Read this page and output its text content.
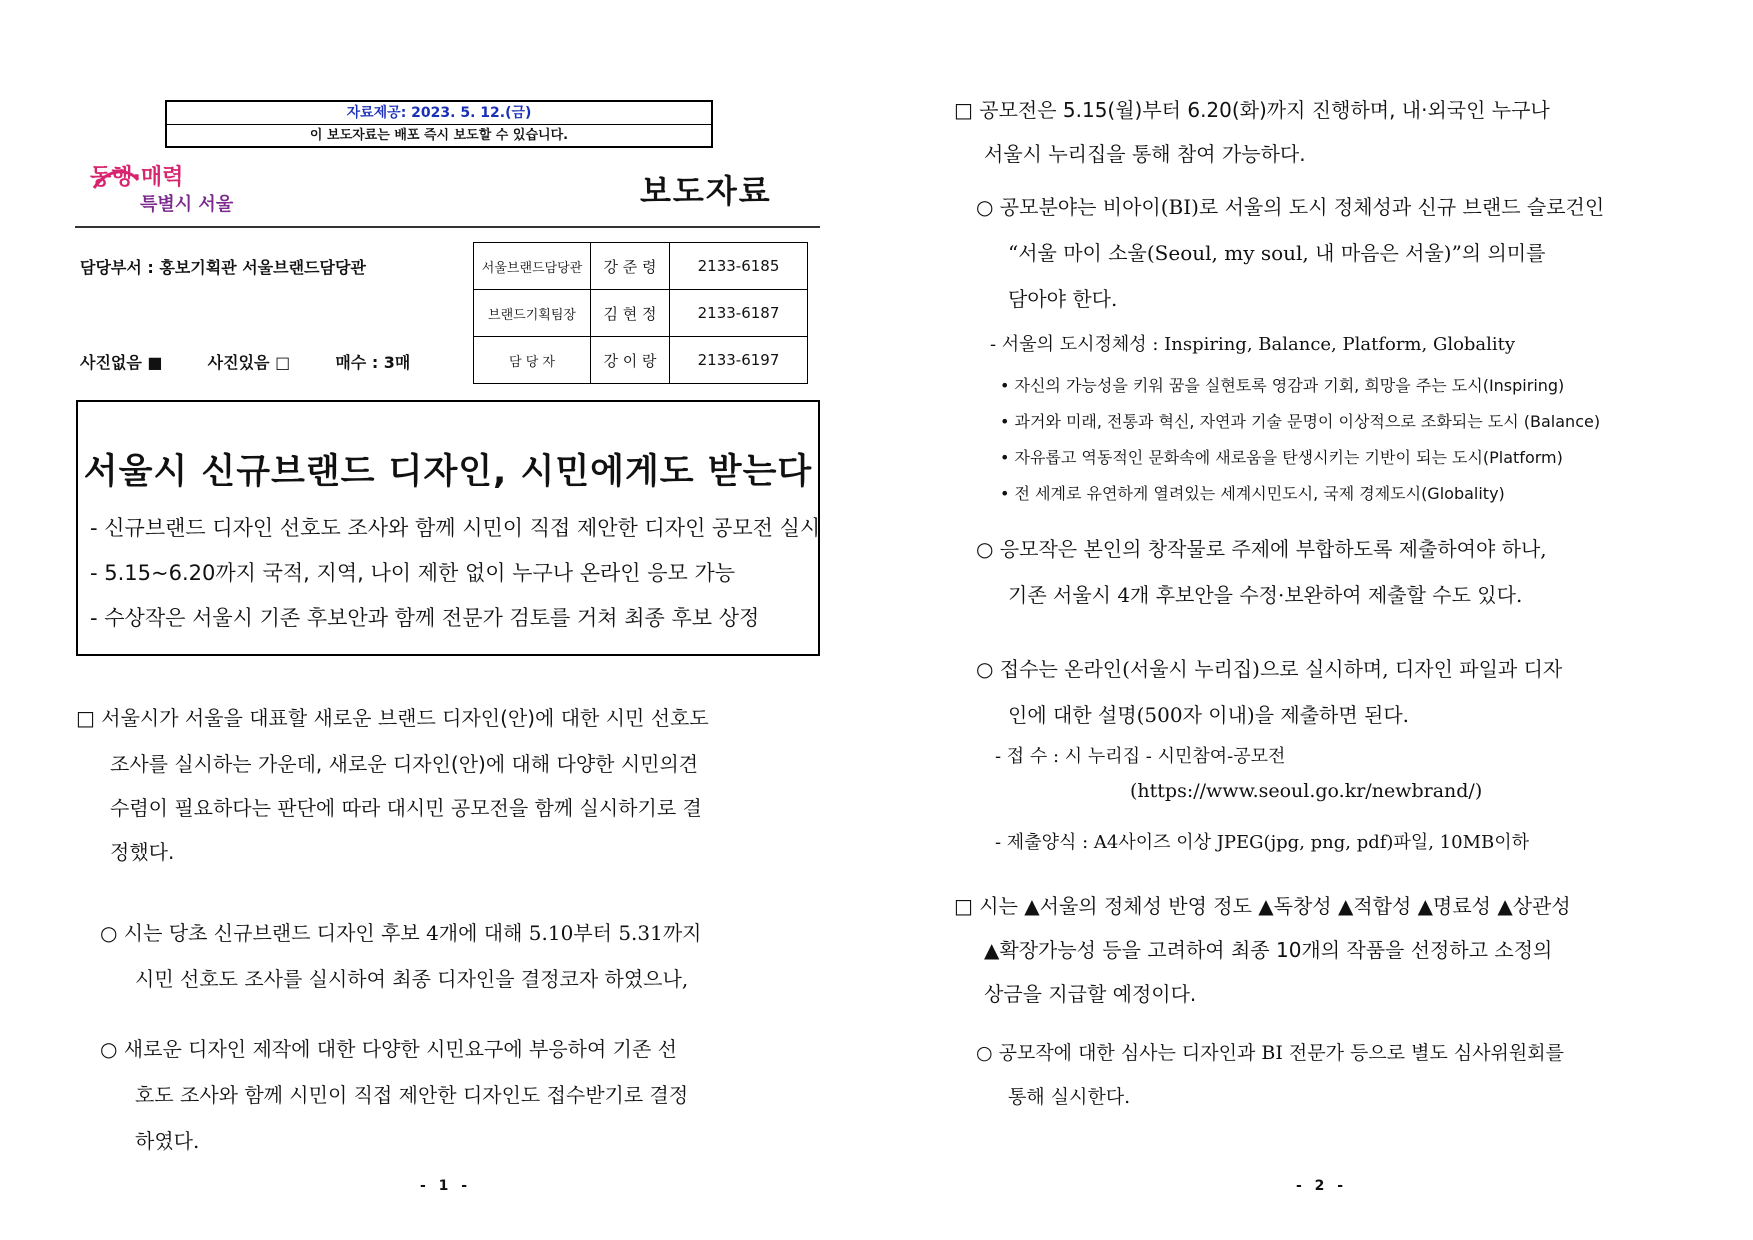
자료제공: 2023. 5. 12.(금)
이 보도자료는 배포 즉시 보도할 수 있습니다.
동행·매력
특별시 서울	보도자료
담당부서 : 홍보기획관 서울브랜드담당관
사진없음 ■	사진있음 □	매수 : 3매
서울브랜드담당관	강 준 령	2133-6185
브랜드기획팀장	김 현 정	2133-6187
담 당 자	강 이 랑	2133-6197
서울시 신규브랜드 디자인, 시민에게도 받는다
- 신규브랜드 디자인 선호도 조사와 함께 시민이 직접 제안한 디자인 공모전 실시
- 5.15~6.20까지 국적, 지역, 나이 제한 없이 누구나 온라인 응모 가능
- 수상작은 서울시 기존 후보안과 함께 전문가 검토를 거쳐 최종 후보 상정
□ 서울시가 서울을 대표할 새로운 브랜드 디자인(안)에 대한 시민 선호도
조사를 실시하는 가운데, 새로운 디자인(안)에 대해 다양한 시민의견
수렴이 필요하다는 판단에 따라 대시민 공모전을 함께 실시하기로 결
정했다.
○ 시는 당초 신규브랜드 디자인 후보 4개에 대해 5.10부터 5.31까지
시민 선호도 조사를 실시하여 최종 디자인을 결정코자 하였으나,
○ 새로운 디자인 제작에 대한 다양한 시민요구에 부응하여 기존 선
호도 조사와 함께 시민이 직접 제안한 디자인도 접수받기로 결정
하였다.
- 1 -
□ 공모전은 5.15(월)부터 6.20(화)까지 진행하며, 내·외국인 누구나
서울시 누리집을 통해 참여 가능하다.
○ 공모분야는 비아이(BI)로 서울의 도시 정체성과 신규 브랜드 슬로건인
“서울 마이 소울(Seoul, my soul, 내 마음은 서울)”의 의미를
담아야 한다.
- 서울의 도시정체성 : Inspiring, Balance, Platform, Globality
• 자신의 가능성을 키워 꿈을 실현토록 영감과 기회, 희망을 주는 도시(Inspiring)
• 과거와 미래, 전통과 혁신, 자연과 기술 문명이 이상적으로 조화되는 도시 (Balance)
• 자유롭고 역동적인 문화속에 새로움을 탄생시키는 기반이 되는 도시(Platform)
• 전 세계로 유연하게 열려있는 세계시민도시, 국제 경제도시(Globality)
○ 응모작은 본인의 창작물로 주제에 부합하도록 제출하여야 하나,
기존 서울시 4개 후보안을 수정·보완하여 제출할 수도 있다.
○ 접수는 온라인(서울시 누리집)으로 실시하며, 디자인 파일과 디자
인에 대한 설명(500자 이내)을 제출하면 된다.
- 접 수 : 시 누리집 - 시민참여-공모전
(https://www.seoul.go.kr/newbrand/)
- 제출양식 : A4사이즈 이상 JPEG(jpg, png, pdf)파일, 10MB이하
□ 시는 ▲서울의 정체성 반영 정도 ▲독창성 ▲적합성 ▲명료성 ▲상관성
▲확장가능성 등을 고려하여 최종 10개의 작품을 선정하고 소정의
상금을 지급할 예정이다.
○ 공모작에 대한 심사는 디자인과 BI 전문가 등으로 별도 심사위원회를
통해 실시한다.
- 2 -
